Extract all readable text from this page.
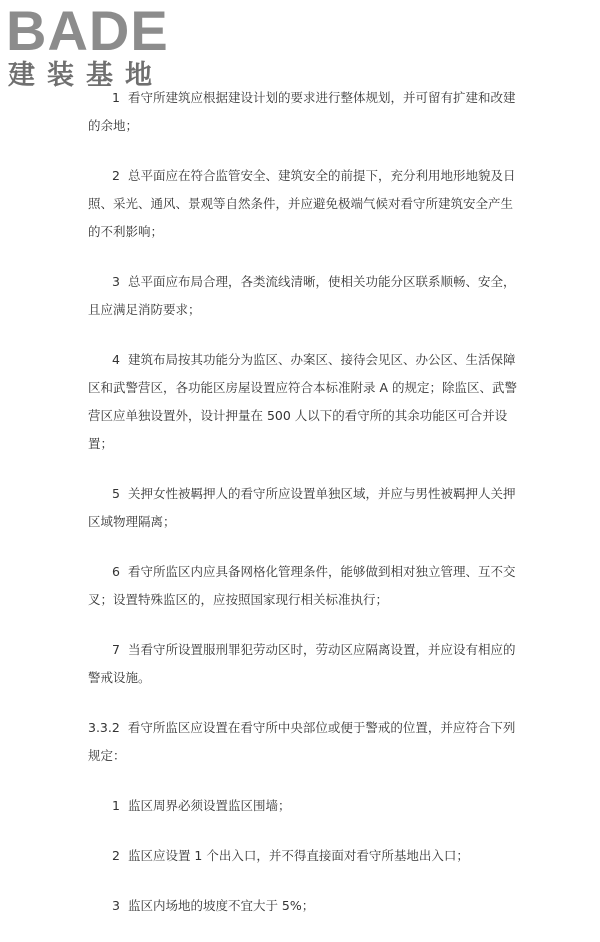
BADE
建装基地

1 看守所建筑应根据建设计划的要求进行整体规划，并可留有扩建和改建的余地；

2 总平面应在符合监管安全、建筑安全的前提下，充分利用地形地貌及日照、采光、通风、景观等自然条件，并应避免极端气候对看守所建筑安全产生的不利影响；

3 总平面应布局合理，各类流线清晰，使相关功能分区联系顺畅、安全，且应满足消防要求；

4 建筑布局按其功能分为监区、办案区、接待会见区、办公区、生活保障区和武警营区，各功能区房屋设置应符合本标准附录 A 的规定；除监区、武警营区应单独设置外，设计押量在 500 人以下的看守所的其余功能区可合并设置；

5 关押女性被羁押人的看守所应设置单独区域，并应与男性被羁押人关押区域物理隔离；

6 看守所监区内应具备网格化管理条件，能够做到相对独立管理、互不交叉；设置特殊监区的，应按照国家现行相关标准执行；

7 当看守所设置服刑罪犯劳动区时，劳动区应隔离设置，并应设有相应的警戒设施。

3.3.2 看守所监区应设置在看守所中央部位或便于警戒的位置，并应符合下列规定：

1 监区周界必须设置监区围墙；

2 监区应设置 1 个出入口，并不得直接面对看守所基地出入口；

3 监区内场地的坡度不宜大于 5%；
